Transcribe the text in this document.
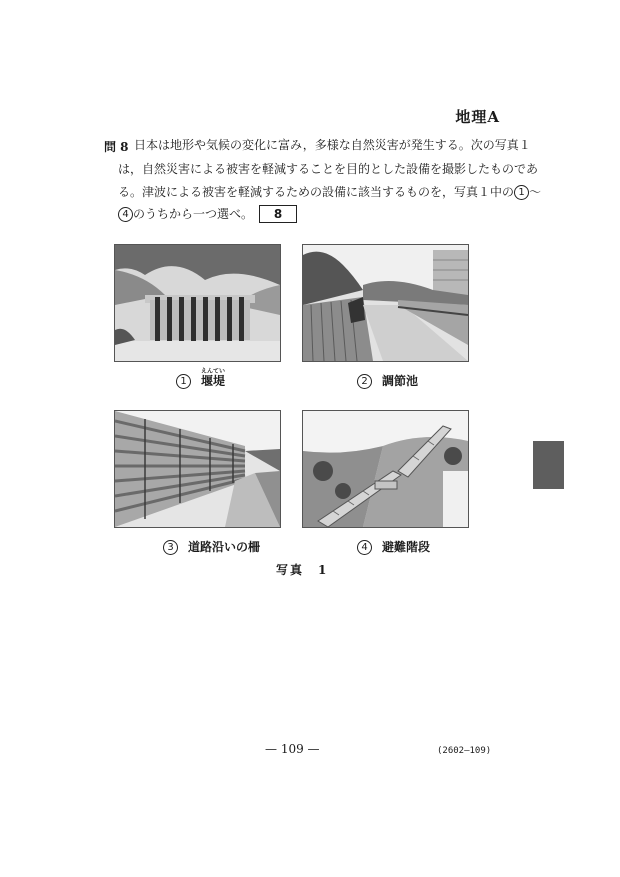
地理A
問 8 日本は地形や気候の変化に富み，多様な自然災害が発生する。次の写真１
は，自然災害による被害を軽減することを目的とした設備を撮影したものであ
る。津波による被害を軽減するための設備に該当するものを，写真１中の 1 ～
4 のうちから一つ選べ。 8
1
えんてい
堰堤	2 調節池
3 道路沿いの柵	4 避難階段
写真　1
— 109 —	(2602—109)
